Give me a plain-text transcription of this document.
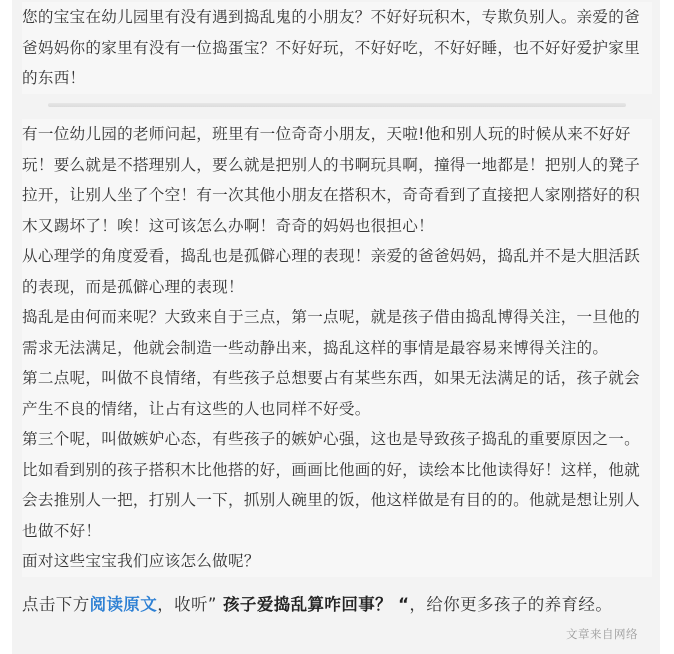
您的宝宝在幼儿园里有没有遇到捣乱鬼的小朋友？不好好玩积木，专欺负别人。亲爱的爸爸妈妈你的家里有没有一位捣蛋宝？不好好玩，不好好吃，不好好睡，也不好好爱护家里的东西！
有一位幼儿园的老师问起，班里有一位奇奇小朋友，天啦!他和别人玩的时候从来不好好玩！要么就是不搭理别人，要么就是把别人的书啊玩具啊，撞得一地都是！把别人的凳子拉开，让别人坐了个空！有一次其他小朋友在搭积木，奇奇看到了直接把人家刚搭好的积木又踢坏了！唉！这可该怎么办啊！奇奇的妈妈也很担心！
从心理学的角度爱看，捣乱也是孤僻心理的表现！亲爱的爸爸妈妈，捣乱并不是大胆活跃的表现，而是孤僻心理的表现！
捣乱是由何而来呢？大致来自于三点，第一点呢，就是孩子借由捣乱博得关注，一旦他的需求无法满足，他就会制造一些动静出来，捣乱这样的事情是最容易来博得关注的。
第二点呢，叫做不良情绪，有些孩子总想要占有某些东西，如果无法满足的话，孩子就会产生不良的情绪，让占有这些的人也同样不好受。
第三个呢，叫做嫉妒心态，有些孩子的嫉妒心强，这也是导致孩子捣乱的重要原因之一。
比如看到别的孩子搭积木比他搭的好，画画比他画的好，读绘本比他读得好！这样，他就会去推别人一把，打别人一下，抓别人碗里的饭，他这样做是有目的的。他就是想让别人也做不好！
面对这些宝宝我们应该怎么做呢？
点击下方阅读原文，收听” 孩子爱捣乱算咋回事？ “，给你更多孩子的养育经。
文章来自网络
